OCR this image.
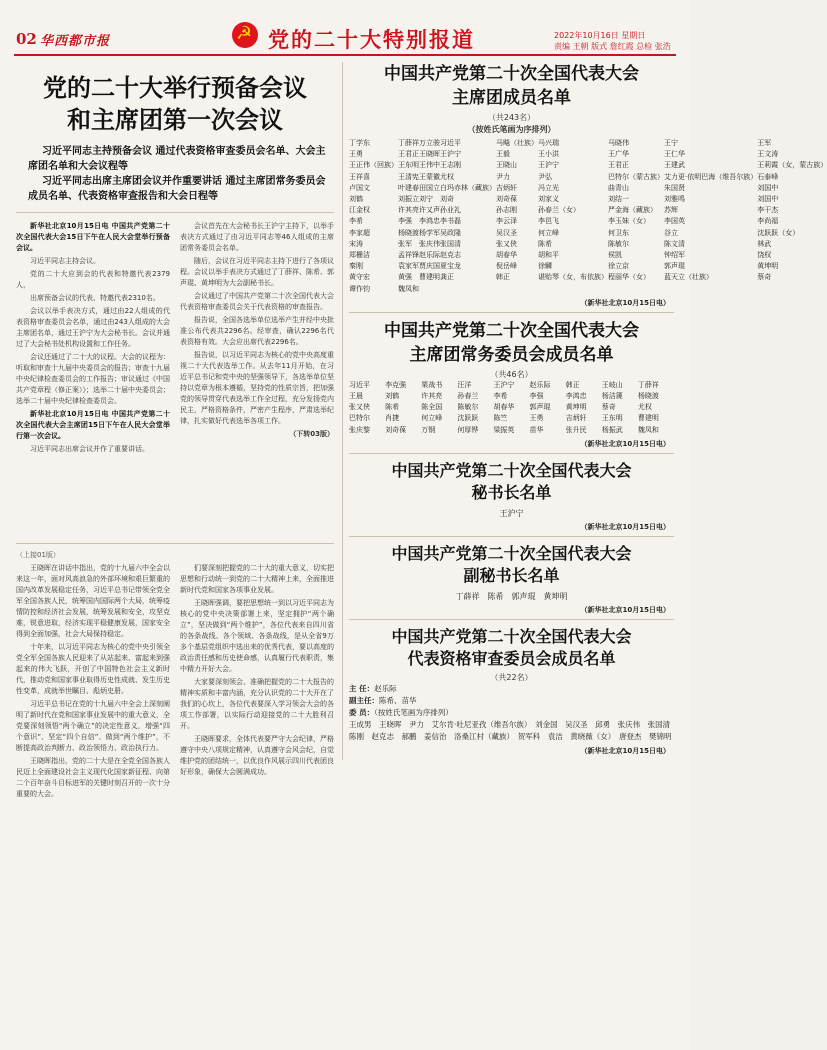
02 华西都市报
☭	党的二十大特别报道	2022年10月16日 星期日
责编 王朝 版式 詹红霞 总检 张浩
党的二十大举行预备会议
和主席团第一次会议
习近平同志主持预备会议 通过代表资格审查委员会名单、大会主席团名单和大会议程等
习近平同志出席主席团会议并作重要讲话 通过主席团常务委员会成员名单、代表资格审查报告和大会日程等

新华社北京10月15日电 中国共产党第二十次全国代表大会15日下午在人民大会堂举行预备会议。

习近平同志主持会议。

党的二十大应到会的代表和特邀代表2379人，

出席预备会议的代表、特邀代表2310名。

会议以举手表决方式，通过由22人组成的代表资格审查委员会名单，通过由243人组成的大会主席团名单，通过王沪宁为大会秘书长。会议并通过了大会秘书处机构设置和工作任务。

会议还通过了二十大的议程。大会的议程为：听取和审查十九届中央委员会的报告；审查十九届中央纪律检查委员会的工作报告；审议通过《中国共产党章程（修正案）》；选举二十届中央委员会；选举二十届中央纪律检查委员会。

新华社北京10月15日电 中国共产党第二十次全国代表大会主席团15日下午在人民大会堂举行第一次会议。

习近平同志出席会议并作了重要讲话。

会议首先在大会秘书长王沪宁主持下，以举手表决方式通过了由习近平同志等46人组成的主席团常务委员会名单。

随后，会议在习近平同志主持下进行了各项议程。会议以举手表决方式通过了丁薛祥、陈希、郭声琨、黄坤明为大会副秘书长。

会议通过了中国共产党第二十次全国代表大会代表资格审查委员会关于代表资格的审查报告。

报告说，全国各选举单位选举产生并经中央批准公布代表共2296名。经审查，确认2296名代表资格有效。大会应出席代表2296名。

报告说，以习近平同志为核心的党中央高度重视二十大代表选举工作。从去年11月开始，在习近平总书记和党中央的坚强领导下，各选举单位坚持以党章为根本遵循，坚持党的性质宗旨，把加强党的领导贯穿代表选举工作全过程，充分发扬党内民主，严格资格条件，严密产生程序，严肃选举纪律，扎实做好代表选举各项工作。

（下转03版）
（上接01版）

王晓晖在讲话中指出，党的十九届六中全会以来这一年，面对风高浪急的外部环境和艰巨繁重的国内改革发展稳定任务，习近平总书记带领全党全军全国各族人民，统筹国内国际两个大局，统筹疫情防控和经济社会发展，统筹发展和安全，攻坚克难，锐意进取，经济实现平稳健康发展，国家安全得到全面加强，社会大局保持稳定。

十年来，以习近平同志为核心的党中央引领全党全军全国各族人民迎来了从站起来、富起来到强起来的伟大飞跃，开创了中国特色社会主义新时代，推动党和国家事业取得历史性成就、发生历史性变革，成就举世瞩目、彪炳史册。

习近平总书记在党的十九届六中全会上深刻阐明了新时代在党和国家事业发展中的重大意义，全党要深刻领悟“两个确立”的决定性意义，增强“四个意识”、坚定“四个自信”、做到“两个维护”，不断提高政治判断力、政治领悟力、政治执行力。

王晓晖指出，党的二十大是在全党全国各族人民迈上全面建设社会主义现代化国家新征程、向第二个百年奋斗目标进军的关键时刻召开的一次十分重要的大会。

们要深刻把握党的二十大的重大意义，切实把思想和行动统一到党的二十大精神上来，全面推进新时代党和国家各项事业发展。

王晓晖强调，要把思想统一到以习近平同志为核心的党中央决策部署上来，坚定拥护“两个确立”，坚决做到“两个维护”，各位代表来自四川省的各条战线、各个领域、各条战线，是从全省9万多个基层党组织中选出来的优秀代表，要以高度的政治责任感和历史使命感，认真履行代表职责，集中精力开好大会。

大家要深刻领会、准确把握党的二十大报告的精神实质和丰富内涵，充分认识党的二十大开在了我们的心坎上，各位代表要深入学习领会大会的各项工作部署，以实际行动迎接党的二十大胜利召开。

王晓晖要求，全体代表要严守大会纪律，严格遵守中央八项规定精神，认真遵守会风会纪，自觉维护党的团结统一，以优良作风展示四川代表团良好形象，确保大会圆满成功。

中国共产党第二十次全国代表大会
主席团成员名单
（共243名）
（按姓氏笔画为序排列）
丁学东	丁薛祥 万立骏 习近平	马飚（壮族） 马兴瑞	马晓伟	王宁	王军
王勇	王君正 王晓晖 王沪宁	王毅	王小洪	王广华	王仁华	王文涛
王正伟（回族） 王东明 王伟中 王志刚	王晓山	王沪宁	王君正	王建武	王莉霞（女，蒙古族）
王祥喜	王清宪 王蒙徽 尤权	尹力	尹弘	巴特尔（蒙古族） 艾力更·依明巴海（维吾尔族） 石泰峰
卢国文	叶建春 田国立 白玛赤林（藏族） 吉炳轩	冯立光	曲青山	朱国贤	刘国中
刘鹤	刘振立 刘宁	刘奇	刘奇葆	刘家义	刘结一	刘雅鸣	刘国中
江金权	许其亮 许又声 孙业礼	孙志刚	孙春兰（女）	严金海（藏族）	苏辉	李干杰
李希	李强	李鸿忠 李书磊	李云泽	李邑飞	李玉妹（女）	李国英	李尚福
李家超	杨晓渡 杨学军 吴政隆	吴汉圣	何立峰	何卫东	谷立	沈跃跃（女）
宋涛	张军	张庆伟 张国清	张又侠	陈希	陈敏尔	陈文清	林武
郑栅洁	孟祥锋 赵乐际 赵克志	胡春华	胡和平	侯凯	钟绍军	饶权
秦刚	袁家军 贾庆国 夏宝龙	倪岳峰	徐麟	徐立京	郭声琨	黄坤明
黄守宏	黄强	曹建明 龚正	韩正	谌贻琴（女，布依族） 程丽华（女）	蓝天立（壮族）	蔡奇
谭作钧	魏凤和
（新华社北京10月15日电）
中国共产党第二十次全国代表大会
主席团常务委员会成员名单
（共46名）
习近平	李克强	栗战书	汪洋	王沪宁	赵乐际	韩正	王岐山	丁薛祥
王晨	刘鹤	许其亮	孙春兰	李希	李强	李鸿忠	杨洁篪	杨晓渡
张又侠	陈希	陈全国	陈敏尔	胡春华	郭声琨	黄坤明	蔡奇	尤权
巴特尔	肖捷	何立峰	沈跃跃	陈竺	王勇	吉炳轩	王东明	曹建明
张庆黎	刘奇葆	万钢	何厚铧	梁振英	苗华	张升民	杨振武	魏凤和
（新华社北京10月15日电）
中国共产党第二十次全国代表大会
秘书长名单
王沪宁
（新华社北京10月15日电）
中国共产党第二十次全国代表大会
副秘书长名单
丁薛祥　陈希　郭声琨　黄坤明
（新华社北京10月15日电）
中国共产党第二十次全国代表大会
代表资格审查委员会成员名单
（共22名）
主 任：赵乐际
副主任：陈希、苗华
委 员：（按姓氏笔画为序排列）
王成男　王晓晖　尹力　艾尔肯·吐尼亚孜（维吾尔族）　刘金国　吴汉圣　邱勇　张庆伟　张国清　陈刚　赵克志　郝鹏　姜信治　洛桑江村（藏族）　贺军科　袁洁　黄晓薇（女）　唐登杰　樊锦明
（新华社北京10月15日电）
